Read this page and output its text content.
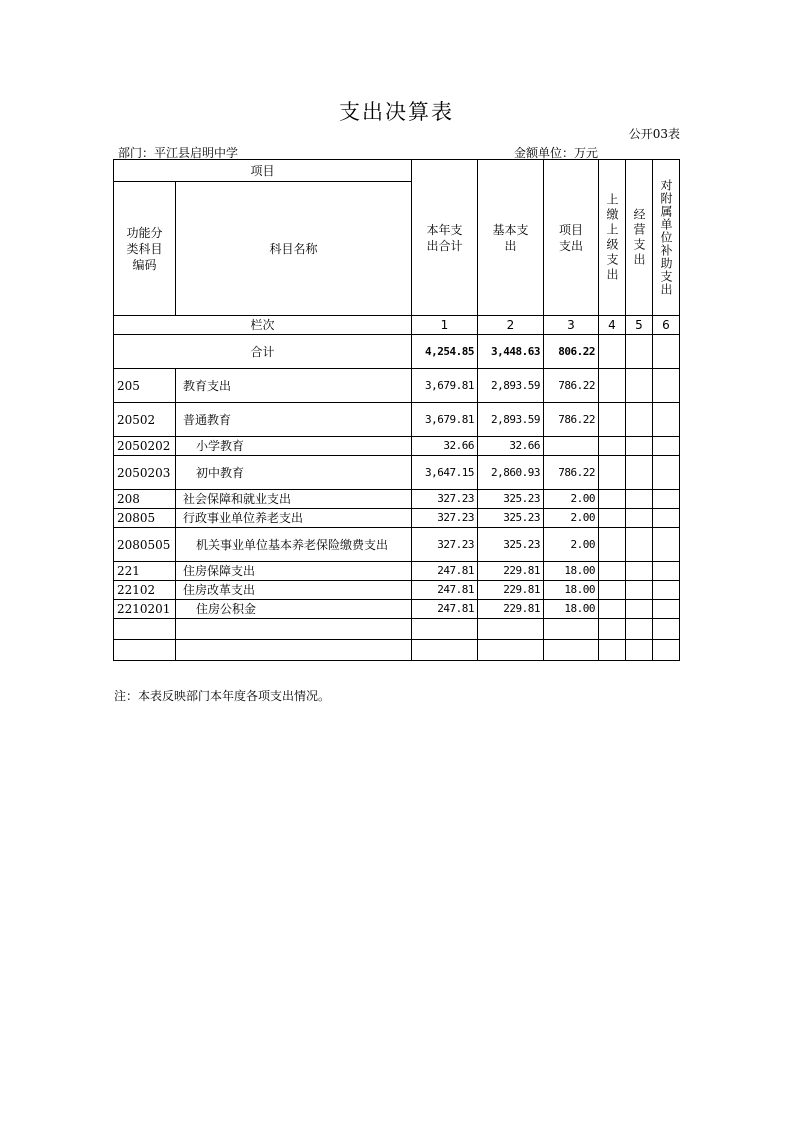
支出决算表
公开03表
部门：平江县启明中学	金额单位：万元
项目		本年支出合计	基本支出	项目支出	上缴上级支出	经营支出	对附属单位补助支出

功能分类科目编码	科目名称						
栏次		1	2	3	4	5	6
合计		4,254.85	3,448.63	806.22			
205	教育支出	3,679.81	2,893.59	786.22			
20502	普通教育	3,679.81	2,893.59	786.22			
2050202	小学教育	32.66	32.66				
2050203	初中教育	3,647.15	2,860.93	786.22			
208	社会保障和就业支出	327.23	325.23	2.00			
20805	行政事业单位养老支出	327.23	325.23	2.00			
2080505	机关事业单位基本养老保险缴费支出	327.23	325.23	2.00			
221	住房保障支出	247.81	229.81	18.00			
22102	住房改革支出	247.81	229.81	18.00			
2210201	住房公积金	247.81	229.81	18.00			

注：本表反映部门本年度各项支出情况。
